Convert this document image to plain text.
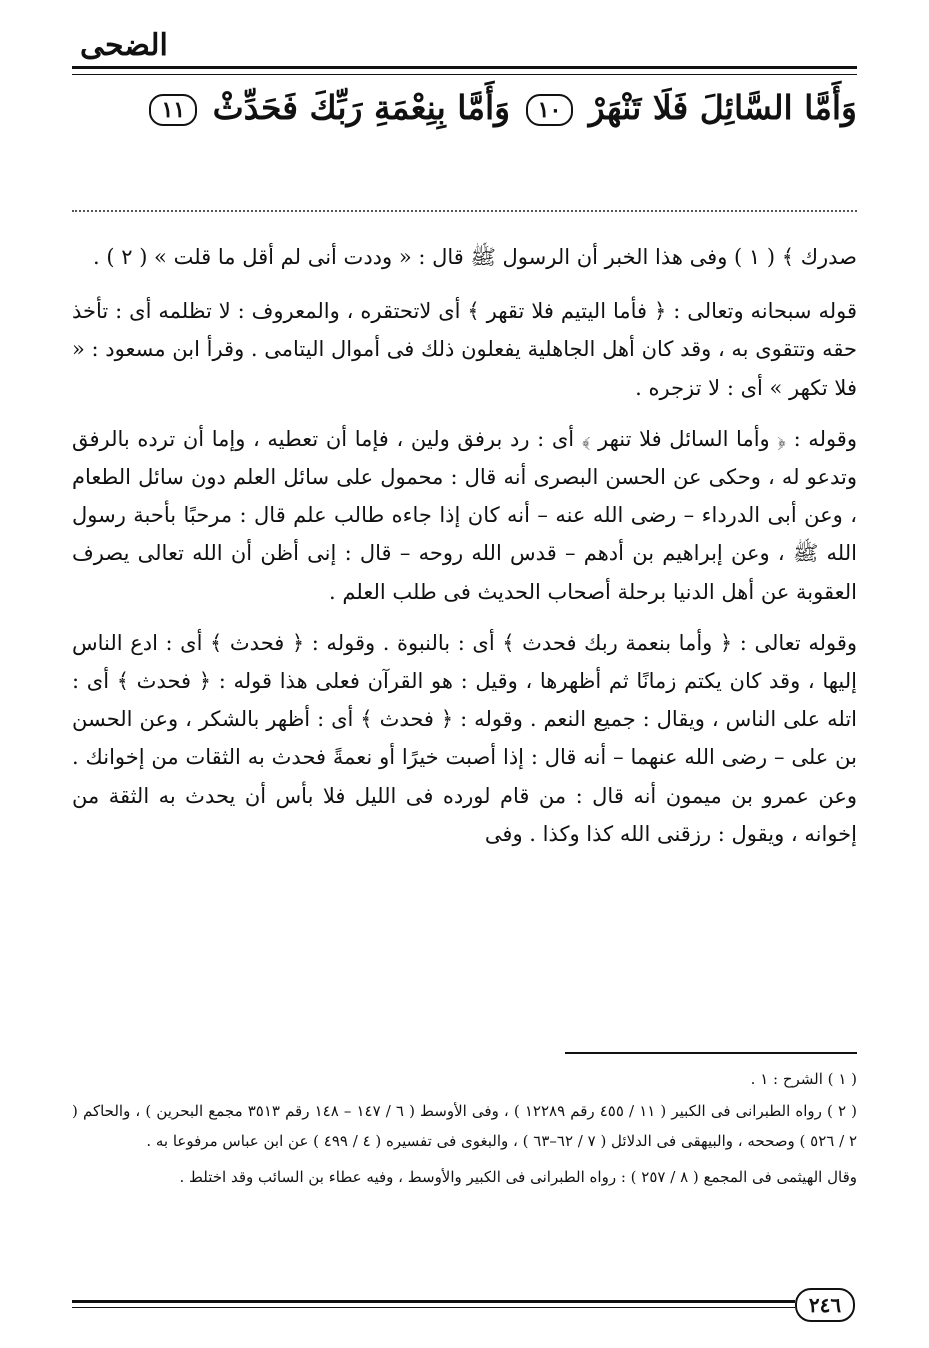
الضحى
وَأَمَّا السَّائِلَ فَلَا تَنْهَرْ ١٠ وَأَمَّا بِنِعْمَةِ رَبِّكَ فَحَدِّثْ ١١

صدرك ﴾ ( ١ ) وفى هذا الخبر أن الرسول ﷺ قال : « وددت أنى لم أقل ما قلت » ( ٢ ) .

قوله سبحانه وتعالى : ﴿ فأما اليتيم فلا تقهر ﴾ أى لاتحتقره ، والمعروف : لا تظلمه أى : تأخذ حقه وتتقوى به ، وقد كان أهل الجاهلية يفعلون ذلك فى أموال اليتامى . وقرأ ابن مسعود : « فلا تكهر » أى : لا تزجره .

وقوله : ﴿ وأما السائل فلا تنهر ﴾ أى : رد برفق ولين ، فإما أن تعطيه ، وإما أن ترده بالرفق وتدعو له ، وحكى عن الحسن البصرى أنه قال : محمول على سائل العلم دون سائل الطعام ، وعن أبى الدرداء – رضى الله عنه – أنه كان إذا جاءه طالب علم قال : مرحبًا بأحبة رسول الله ﷺ ، وعن إبراهيم بن أدهم – قدس الله روحه – قال : إنى أظن أن الله تعالى يصرف العقوبة عن أهل الدنيا برحلة أصحاب الحديث فى طلب العلم .

وقوله تعالى : ﴿ وأما بنعمة ربك فحدث ﴾ أى : بالنبوة . وقوله : ﴿ فحدث ﴾ أى : ادع الناس إليها ، وقد كان يكتم زمانًا ثم أظهرها ، وقيل : هو القرآن فعلى هذا قوله : ﴿ فحدث ﴾ أى : اتله على الناس ، ويقال : جميع النعم . وقوله : ﴿ فحدث ﴾ أى : أظهر بالشكر ، وعن الحسن بن على – رضى الله عنهما – أنه قال : إذا أصبت خيرًا أو نعمةً فحدث به الثقات من إخوانك . وعن عمرو بن ميمون أنه قال : من قام لورده فى الليل فلا بأس أن يحدث به الثقة من إخوانه ، ويقول : رزقنى الله كذا وكذا . وفى

( ١ ) الشرح : ١ .

( ٢ ) رواه الطبرانى فى الكبير ( ١١ / ٤٥٥ رقم ١٢٢٨٩ ) ، وفى الأوسط ( ٦ / ١٤٧ – ١٤٨ رقم ٣٥١٣ مجمع البحرين ) ، والحاكم ( ٢ / ٥٢٦ ) وصححه ، والبيهقى فى الدلائل ( ٧ / ٦٢–٦٣ ) ، والبغوى فى تفسيره ( ٤ / ٤٩٩ ) عن ابن عباس مرفوعا به .

وقال الهيثمى فى المجمع ( ٨ / ٢٥٧ ) : رواه الطبرانى فى الكبير والأوسط ، وفيه عطاء بن السائب وقد اختلط .

٢٤٦
